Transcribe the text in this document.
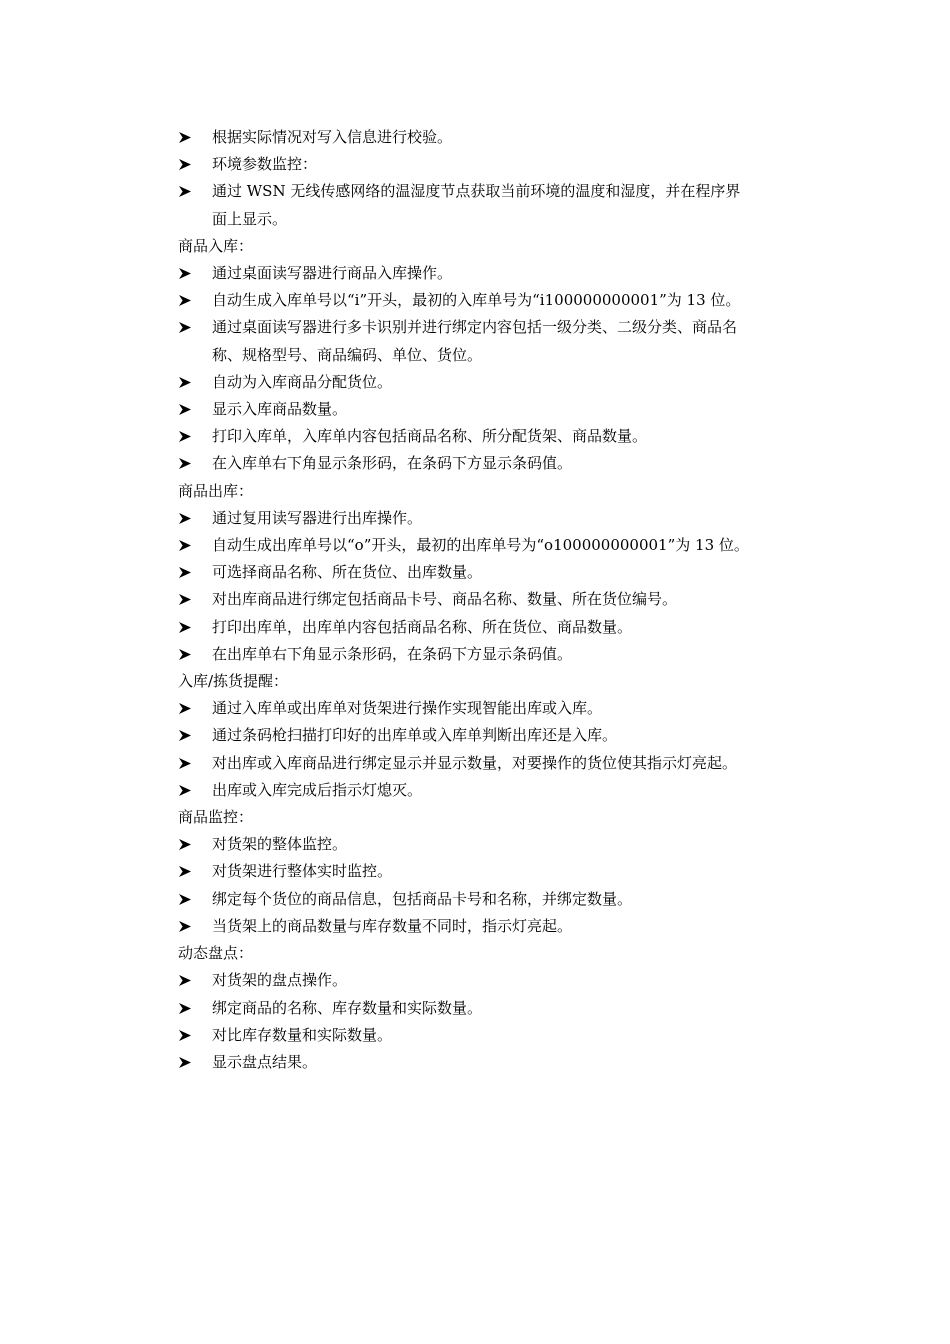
根据实际情况对写入信息进行校验。
环境参数监控：
通过 WSN 无线传感网络的温湿度节点获取当前环境的温度和湿度，并在程序界
面上显示。
商品入库：
通过桌面读写器进行商品入库操作。
自动生成入库单号以“i”开头，最初的入库单号为“i100000000001”为 13 位。
通过桌面读写器进行多卡识别并进行绑定内容包括一级分类、二级分类、商品名
称、规格型号、商品编码、单位、货位。
自动为入库商品分配货位。
显示入库商品数量。
打印入库单，入库单内容包括商品名称、所分配货架、商品数量。
在入库单右下角显示条形码，在条码下方显示条码值。
商品出库：
通过复用读写器进行出库操作。
自动生成出库单号以“o”开头，最初的出库单号为“o100000000001”为 13 位。
可选择商品名称、所在货位、出库数量。
对出库商品进行绑定包括商品卡号、商品名称、数量、所在货位编号。
打印出库单，出库单内容包括商品名称、所在货位、商品数量。
在出库单右下角显示条形码，在条码下方显示条码值。
入库/拣货提醒：
通过入库单或出库单对货架进行操作实现智能出库或入库。
通过条码枪扫描打印好的出库单或入库单判断出库还是入库。
对出库或入库商品进行绑定显示并显示数量，对要操作的货位使其指示灯亮起。
出库或入库完成后指示灯熄灭。
商品监控：
对货架的整体监控。
对货架进行整体实时监控。
绑定每个货位的商品信息，包括商品卡号和名称，并绑定数量。
当货架上的商品数量与库存数量不同时，指示灯亮起。
动态盘点：
对货架的盘点操作。
绑定商品的名称、库存数量和实际数量。
对比库存数量和实际数量。
显示盘点结果。
